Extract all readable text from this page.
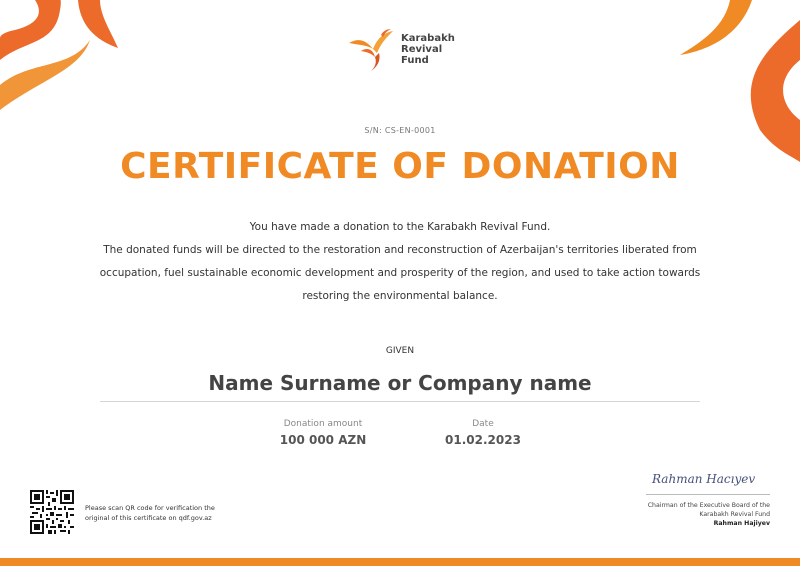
Karabakh
Revival
Fund
S/N: CS-EN-0001
CERTIFICATE OF DONATION
You have made a donation to the Karabakh Revival Fund.
The donated funds will be directed to the restoration and reconstruction of Azerbaijan's territories liberated from
occupation, fuel sustainable economic development and prosperity of the region, and used to take action towards
restoring the environmental balance.
GIVEN
Name Surname or Company name
Donation amount
100 000 AZN
Date
01.02.2023
Please scan QR code for verification the
original of this certificate on qdf.gov.az
Rahman Hacıyev
Chairman of the Executive Board of the
Karabakh Revival Fund
Rahman Hajiyev
